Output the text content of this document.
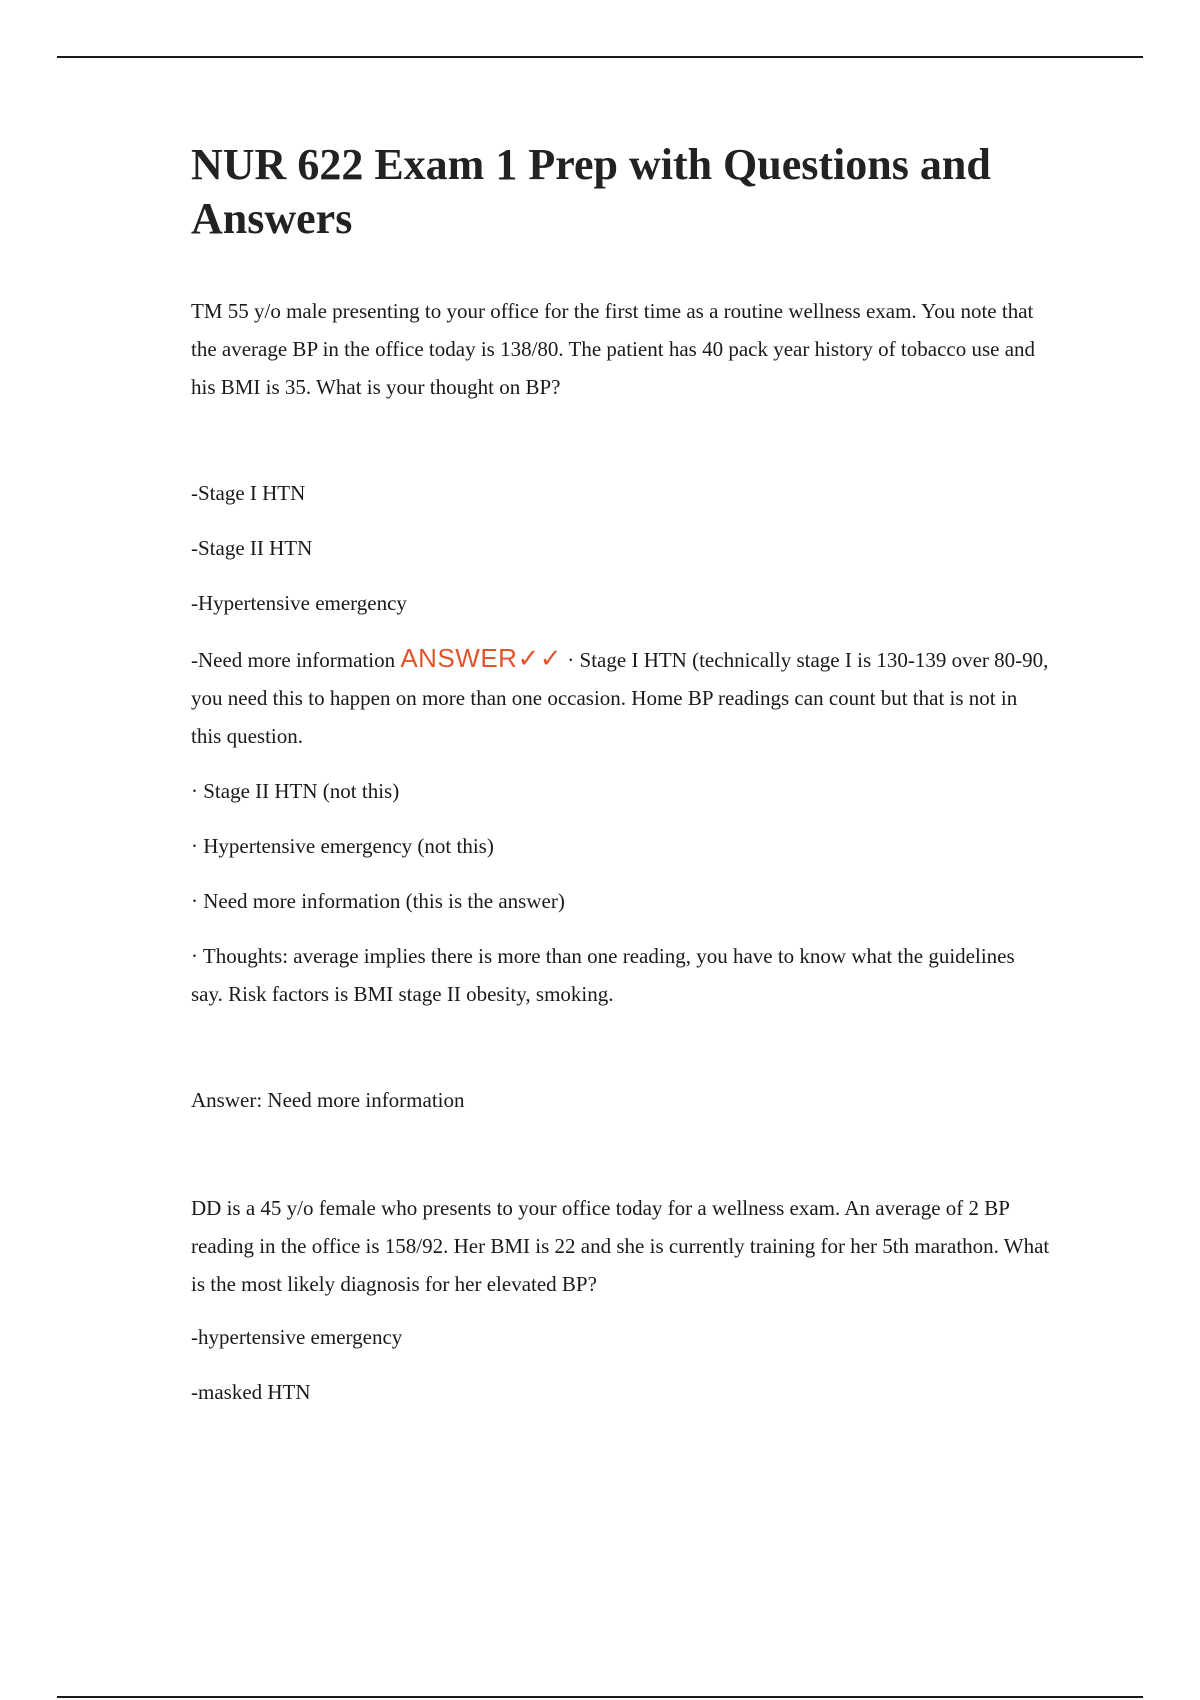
NUR 622 Exam 1 Prep with Questions and Answers

TM 55 y/o male presenting to your office for the first time as a routine wellness exam. You note that the average BP in the office today is 138/80. The patient has 40 pack year history of tobacco use and his BMI is 35. What is your thought on BP?

-Stage I HTN

-Stage II HTN

-Hypertensive emergency

-Need more information ANSWER✓✓ · Stage I HTN (technically stage I is 130-139 over 80-90, you need this to happen on more than one occasion. Home BP readings can count but that is not in this question.

· Stage II HTN (not this)

· Hypertensive emergency (not this)

· Need more information (this is the answer)

· Thoughts: average implies there is more than one reading, you have to know what the guidelines say. Risk factors is BMI stage II obesity, smoking.

Answer: Need more information

DD is a 45 y/o female who presents to your office today for a wellness exam. An average of 2 BP reading in the office is 158/92. Her BMI is 22 and she is currently training for her 5th marathon. What is the most likely diagnosis for her elevated BP?

-hypertensive emergency

-masked HTN
